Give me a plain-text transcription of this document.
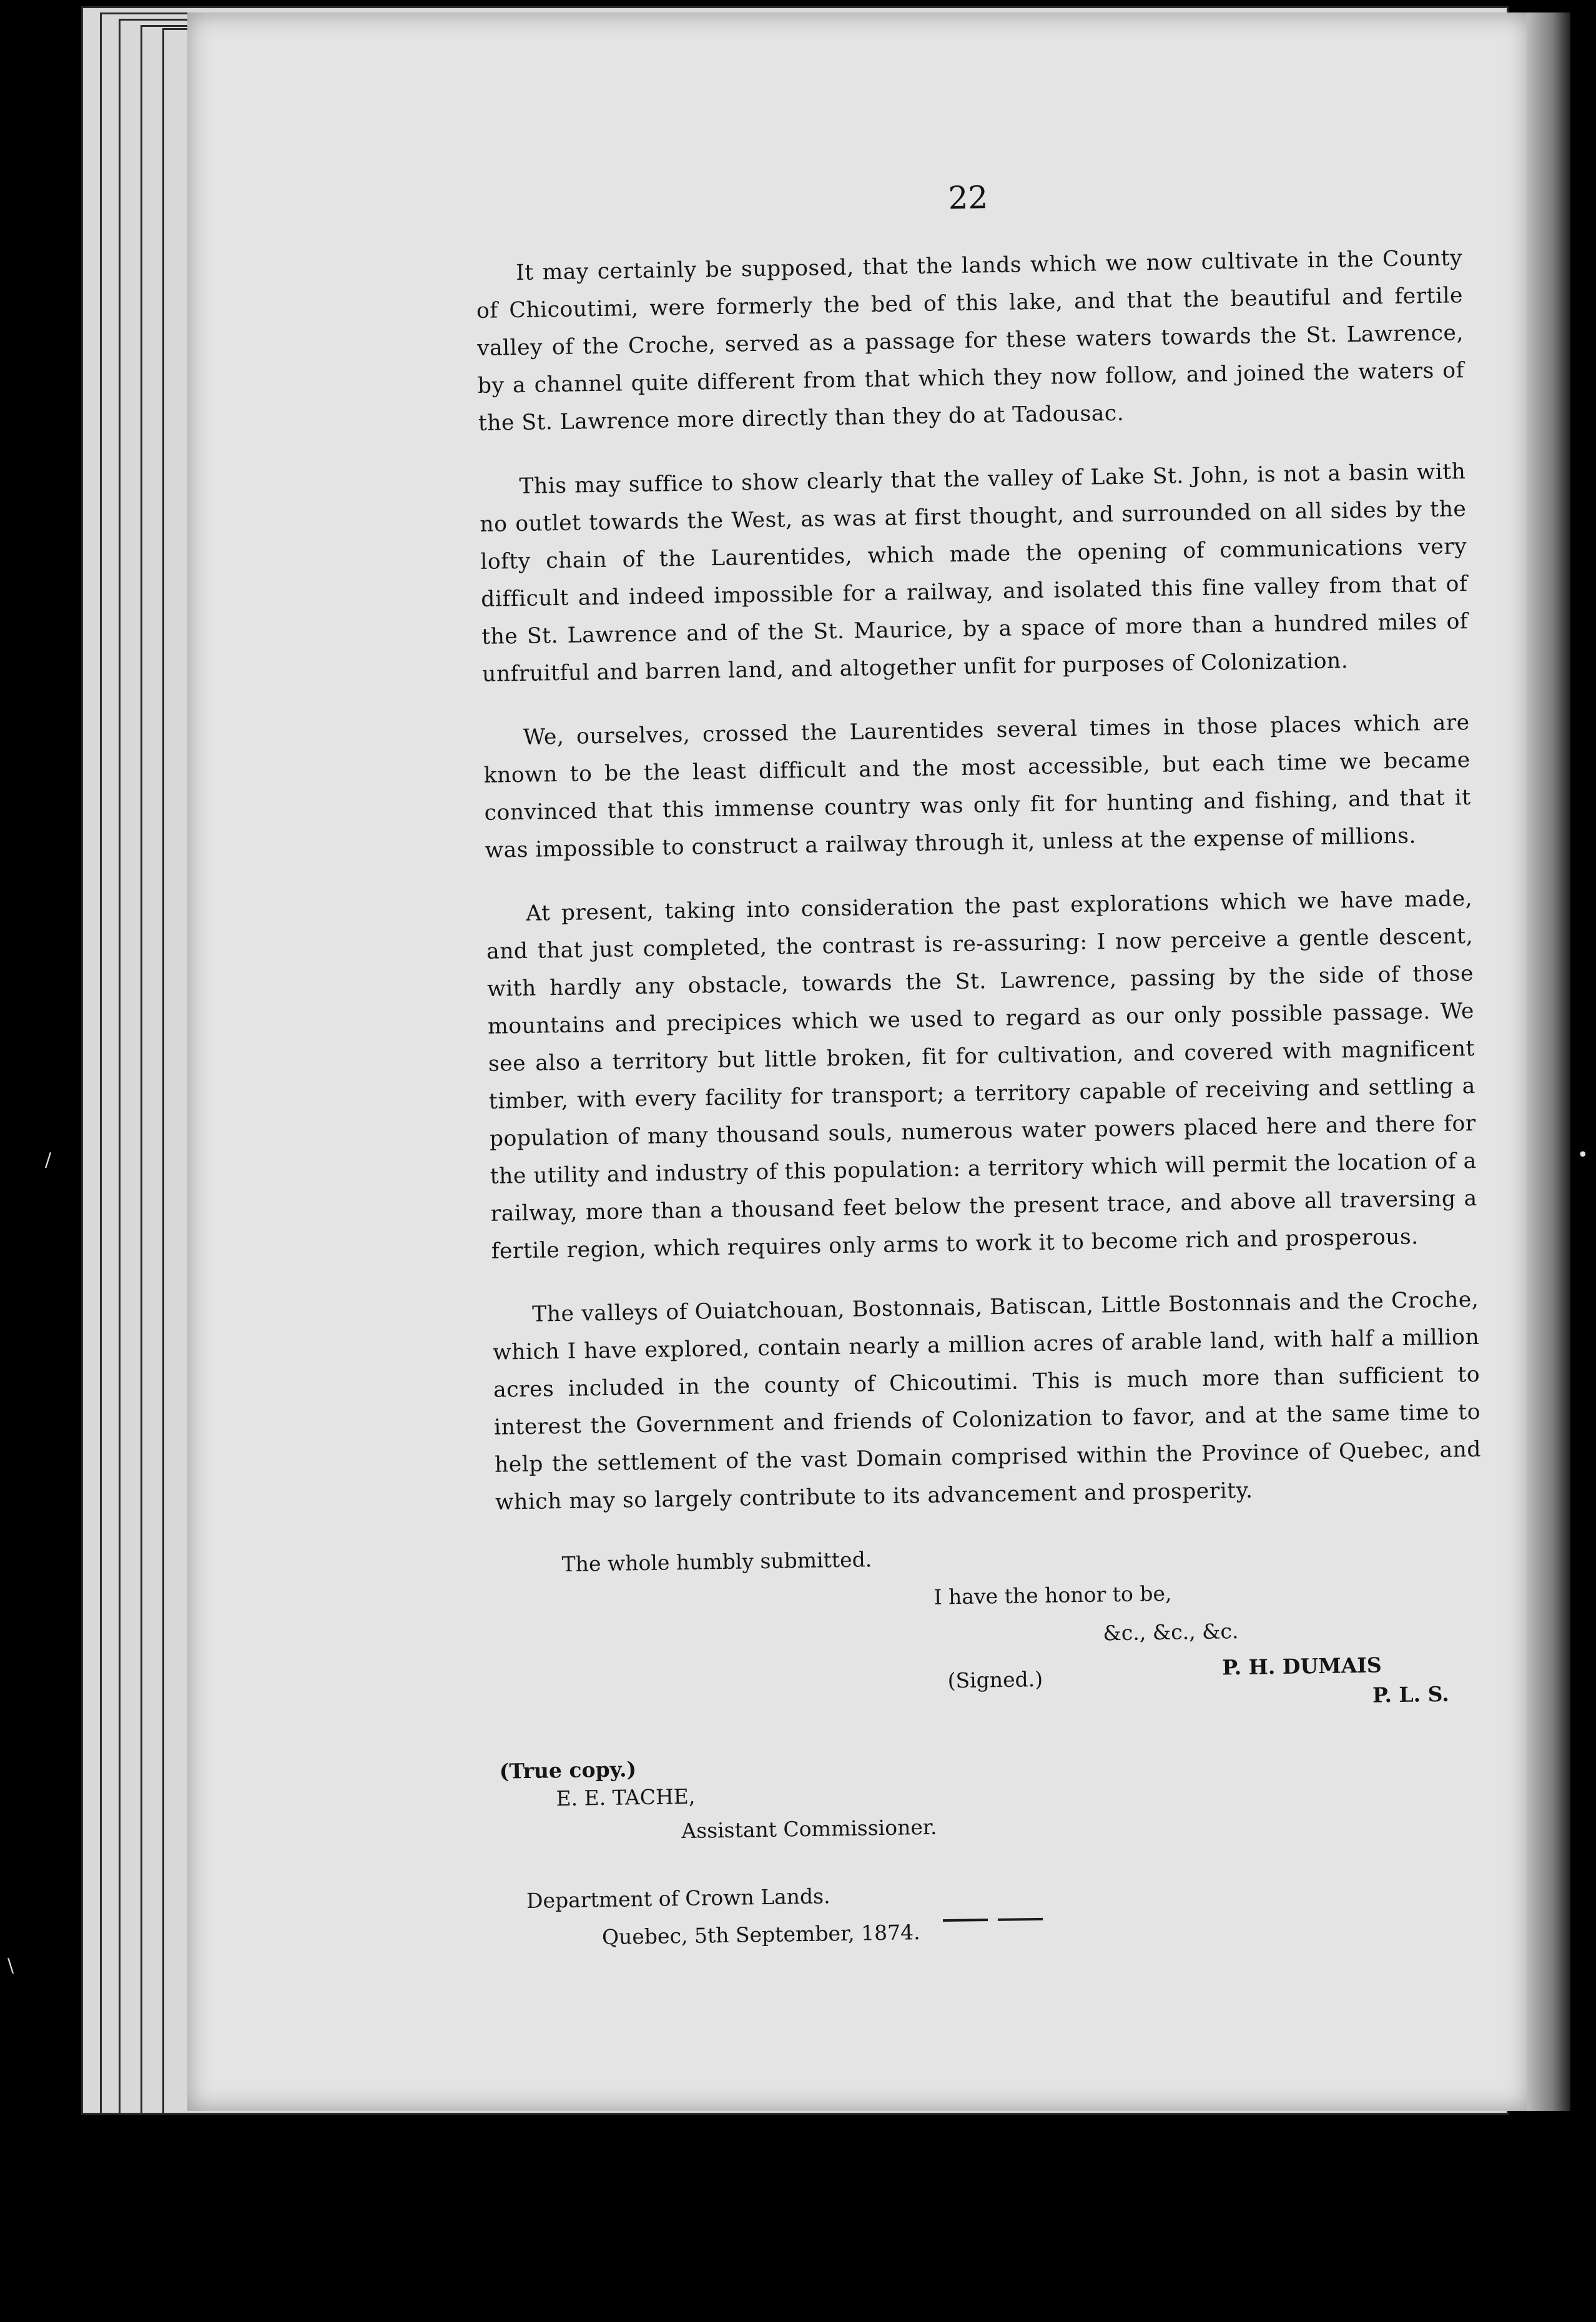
/	•
\
22

It may certainly be supposed, that the lands which we now cultivate in the County of Chicoutimi, were formerly the bed of this lake, and that the beautiful and fertile valley of the Croche, served as a passage for these waters towards the St. Lawrence, by a channel quite different from that which they now follow, and joined the waters of the St. Lawrence more directly than they do at Tadousac.

This may suffice to show clearly that the valley of Lake St. John, is not a basin with no outlet towards the West, as was at first thought, and surrounded on all sides by the lofty chain of the Laurentides, which made the opening of communications very difficult and indeed impossible for a railway, and isolated this fine valley from that of the St. Lawrence and of the St. Maurice, by a space of more than a hundred miles of unfruitful and barren land, and altogether unfit for purposes of Colonization.

We, ourselves, crossed the Laurentides several times in those places which are known to be the least difficult and the most accessible, but each time we became convinced that this immense country was only fit for hunting and fishing, and that it was impossible to construct a railway through it, unless at the expense of millions.

At present, taking into consideration the past explorations which we have made, and that just completed, the contrast is re-assuring: I now perceive a gentle descent, with hardly any obstacle, towards the St. Lawrence, passing by the side of those mountains and precipices which we used to regard as our only possible passage. We see also a territory but little broken, fit for cultivation, and covered with magnificent timber, with every facility for transport; a territory capable of receiving and settling a population of many thousand souls, numerous water powers placed here and there for the utility and industry of this population: a territory which will permit the location of a railway, more than a thousand feet below the present trace, and above all traversing a fertile region, which requires only arms to work it to become rich and prosperous.

The valleys of Ouiatchouan, Bostonnais, Batiscan, Little Bostonnais and the Croche, which I have explored, contain nearly a million acres of arable land, with half a million acres included in the county of Chicoutimi. This is much more than sufficient to interest the Government and friends of Colonization to favor, and at the same time to help the settlement of the vast Domain comprised within the Province of Quebec, and which may so largely contribute to its advancement and prosperity.

The whole humbly submitted.
I have the honor to be,
&c., &c., &c.
(Signed.)
P. H. DUMAIS
P. L. S.
(True copy.)
E. E. TACHE,
Assistant Commissioner.
Department of Crown Lands.
Quebec, 5th September, 1874.
